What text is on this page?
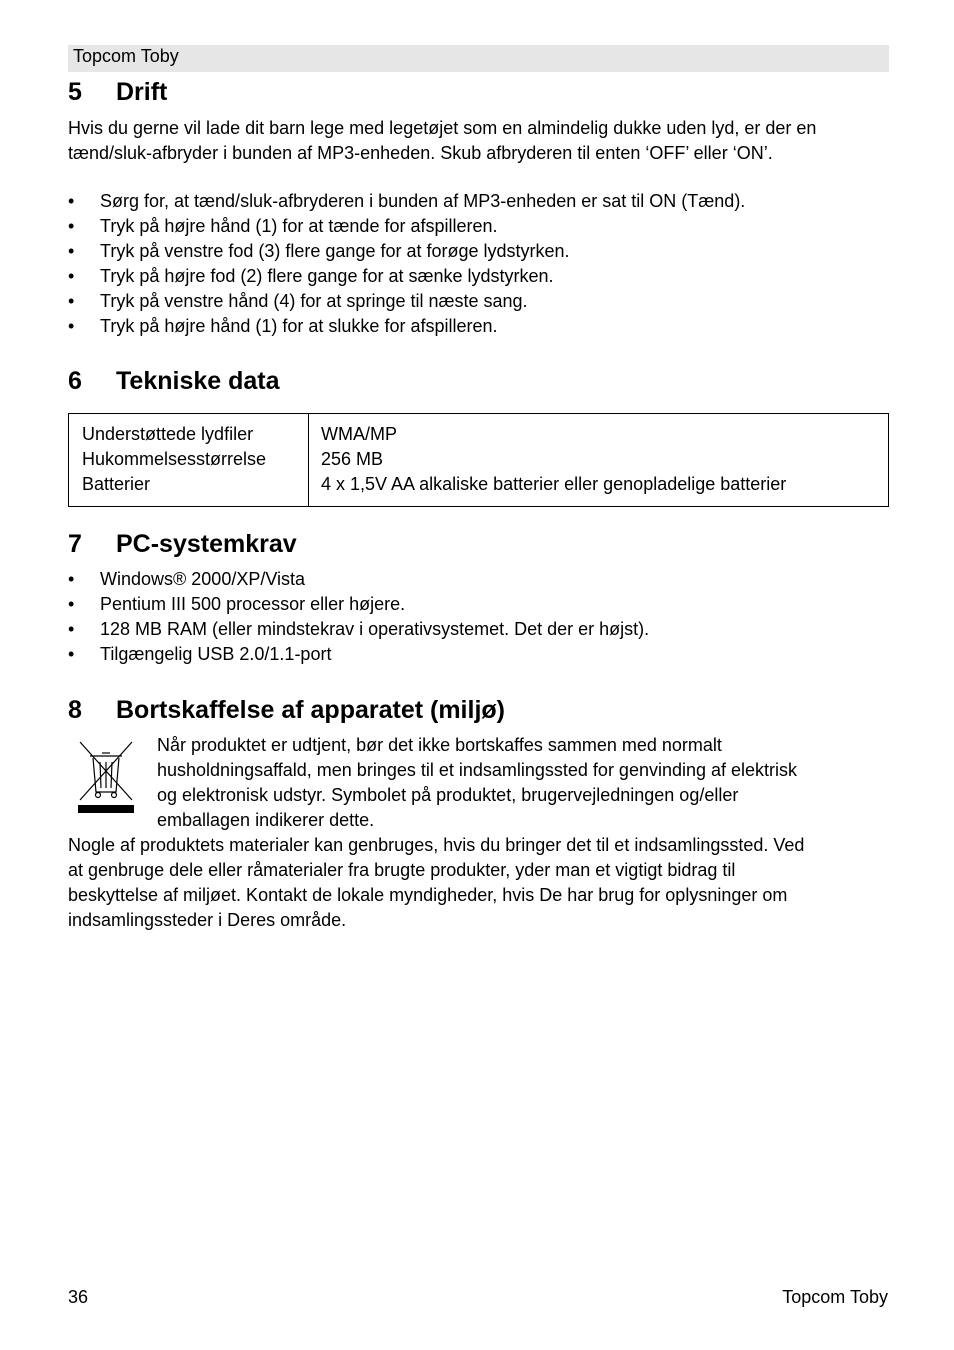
Topcom Toby
5 Drift

Hvis du gerne vil lade dit barn lege med legetøjet som en almindelig dukke uden lyd, er der en tænd/sluk-afbryder i bunden af MP3-enheden. Skub afbryderen til enten ‘OFF’ eller ‘ON’.

• Sørg for, at tænd/sluk-afbryderen i bunden af MP3-enheden er sat til ON (Tænd).
• Tryk på højre hånd (1) for at tænde for afspilleren.
• Tryk på venstre fod (3) flere gange for at forøge lydstyrken.
• Tryk på højre fod (2) flere gange for at sænke lydstyrken.
• Tryk på venstre hånd (4) for at springe til næste sang.
• Tryk på højre hånd (1) for at slukke for afspilleren.
6 Tekniske data
Understøttede lydfiler
Hukommelsesstørrelse
Batterier
WMA/MP
256 MB
4 x 1,5V AA alkaliske batterier eller genopladelige batterier
7 PC-systemkrav
• Windows® 2000/XP/Vista
• Pentium III 500 processor eller højere.
• 128 MB RAM (eller mindstekrav i operativsystemet. Det der er højst).
• Tilgængelig USB 2.0/1.1-port
8 Bortskaffelse af apparatet (miljø)
Når produktet er udtjent, bør det ikke bortskaffes sammen med normalt
husholdningsaffald, men bringes til et indsamlingssted for genvinding af elektrisk
og elektronisk udstyr. Symbolet på produktet, brugervejledningen og/eller
emballagen indikerer dette.
Nogle af produktets materialer kan genbruges, hvis du bringer det til et indsamlingssted. Ved
at genbruge dele eller råmaterialer fra brugte produkter, yder man et vigtigt bidrag til
beskyttelse af miljøet. Kontakt de lokale myndigheder, hvis De har brug for oplysninger om
indsamlingssteder i Deres område.
36	Topcom Toby
